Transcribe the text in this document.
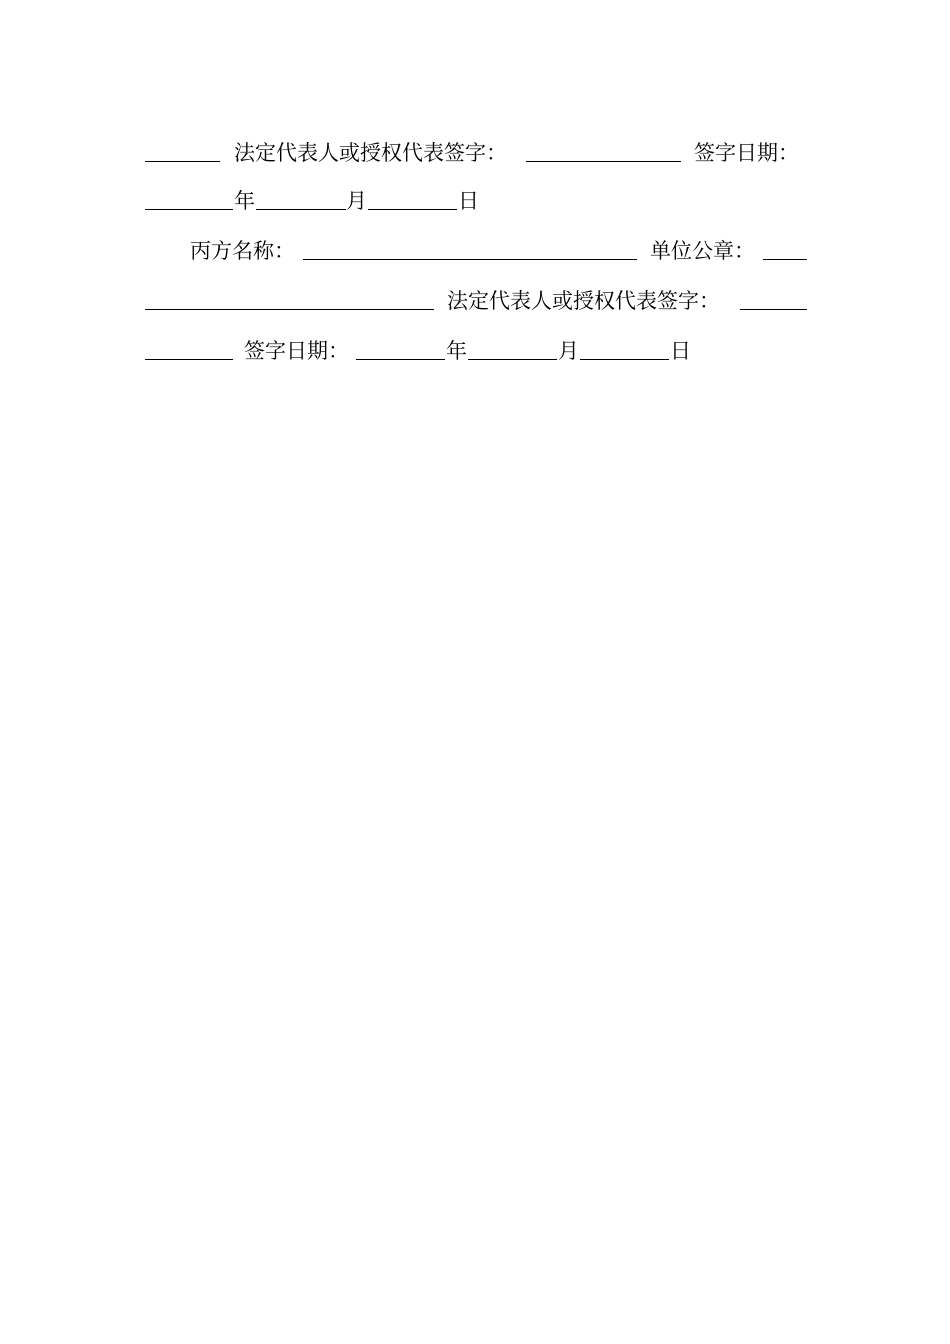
法定代表人或授权代表签字：	签字日期：
年	月	日
丙方名称：	单位公章：
法定代表人或授权代表签字：
签字日期：	年	月	日
